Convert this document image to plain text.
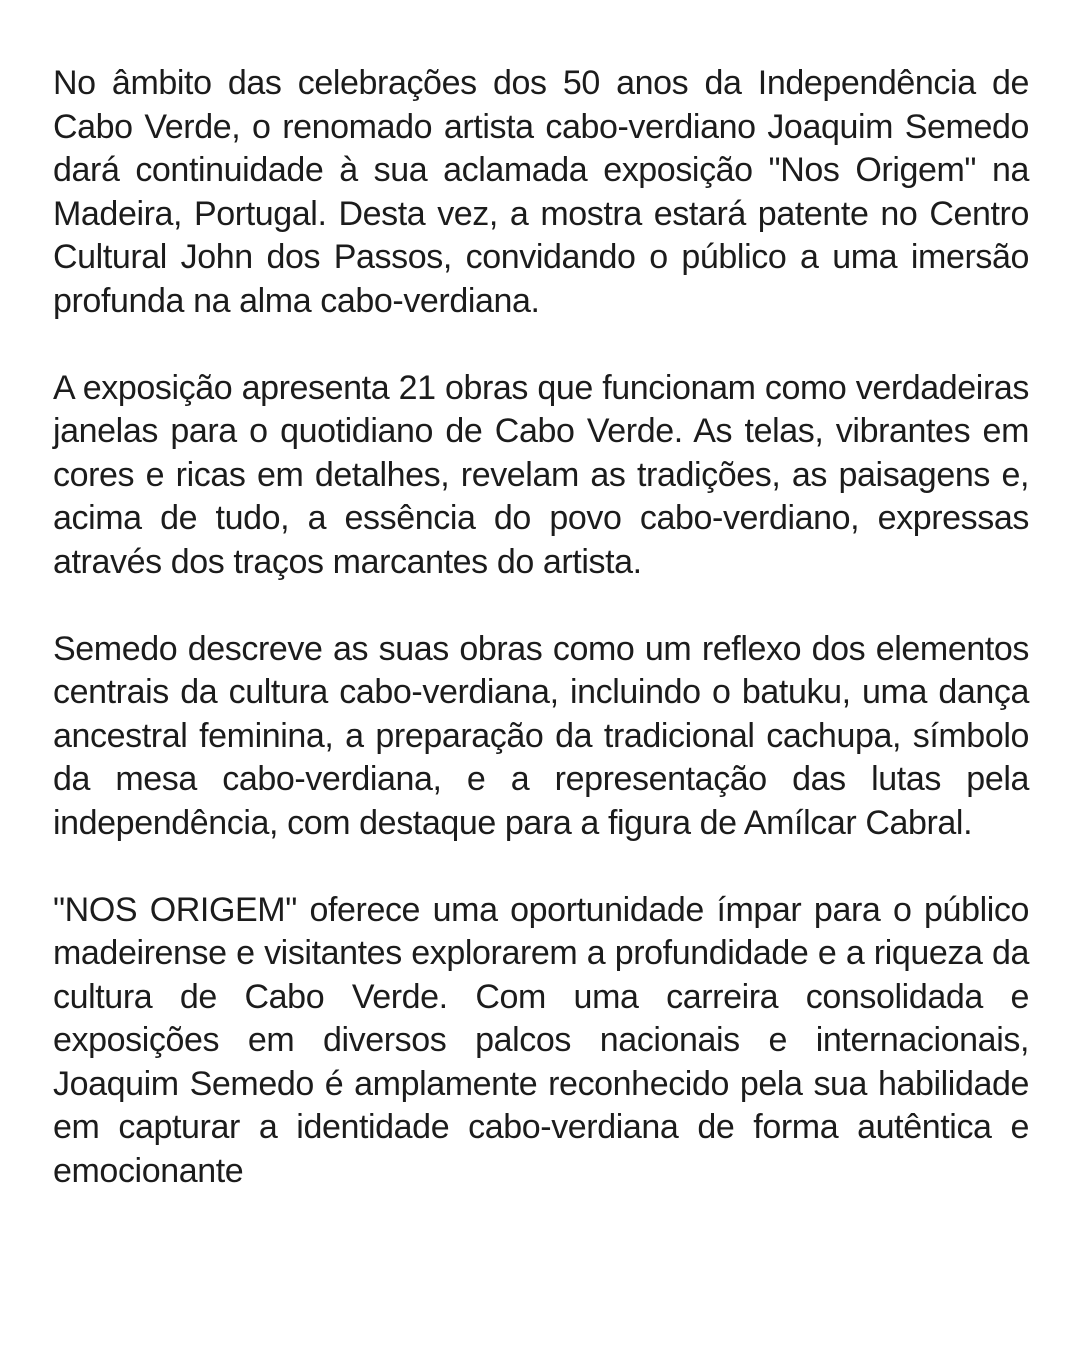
No âmbito das celebrações dos 50 anos da Independência de Cabo Verde, o renomado artista cabo-verdiano Joaquim Semedo dará continuidade à sua aclamada exposição "Nos Origem" na Madeira, Portugal. Desta vez, a mostra estará patente no Centro Cultural John dos Passos, convidando o público a uma imersão profunda na alma cabo-verdiana.

A exposição apresenta 21 obras que funcionam como verdadeiras janelas para o quotidiano de Cabo Verde. As telas, vibrantes em cores e ricas em detalhes, revelam as tradições, as paisagens e, acima de tudo, a essência do povo cabo-verdiano, expressas através dos traços marcantes do artista.

Semedo descreve as suas obras como um reflexo dos elementos centrais da cultura cabo-verdiana, incluindo o batuku, uma dança ancestral feminina, a preparação da tradicional cachupa, símbolo da mesa cabo-verdiana, e a representação das lutas pela independência, com destaque para a figura de Amílcar Cabral.

"NOS ORIGEM" oferece uma oportunidade ímpar para o público madeirense e visitantes explorarem a profundidade e a riqueza da cultura de Cabo Verde. Com uma carreira consolidada e exposições em diversos palcos nacionais e internacionais, Joaquim Semedo é amplamente reconhecido pela sua habilidade em capturar a identidade cabo-verdiana de forma autêntica e emocionante
